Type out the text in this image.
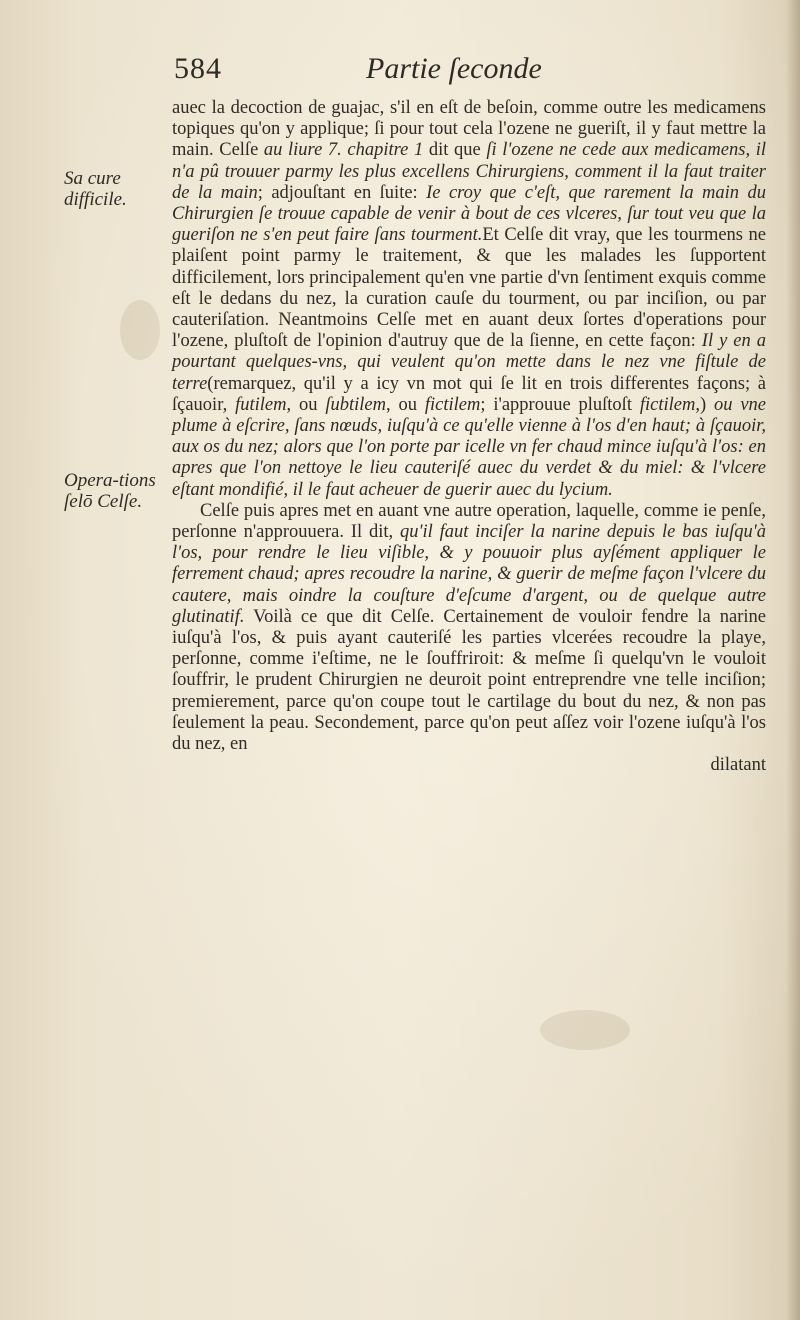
584	Partie ſeconde
Sa cure difficile.
Opera-tions ſelō Celſe.

auec la decoction de guajac, s'il en eſt de beſoin, comme outre les medicamens topiques qu'on y applique; ſi pour tout cela l'ozene ne gueriſt, il y faut mettre la main. Celſe au liure 7. chapitre 1 dit que ſi l'ozene ne cede aux medicamens, il n'a pû trouuer parmy les plus excellens Chirurgiens, comment il la faut traiter de la main; adjouſtant en ſuite: Ie croy que c'eſt, que rarement la main du Chirurgien ſe trouue capable de venir à bout de ces vlceres, ſur tout veu que la gueriſon ne s'en peut faire ſans tourment.Et Celſe dit vray, que les tourmens ne plaiſent point parmy le traitement, & que les malades les ſupportent difficilement, lors principalement qu'en vne partie d'vn ſentiment exquis comme eſt le dedans du nez, la curation cauſe du tourment, ou par inciſion, ou par cauteriſation. Neantmoins Celſe met en auant deux ſortes d'operations pour l'ozene, pluſtoſt de l'opinion d'autruy que de la ſienne, en cette façon: Il y en a pourtant quelques-vns, qui veulent qu'on mette dans le nez vne fiſtule de terre(remarquez, qu'il y a icy vn mot qui ſe lit en trois differentes façons; à ſçauoir, futilem, ou ſubtilem, ou fictilem; i'approuue pluſtoſt fictilem,) ou vne plume à eſcrire, ſans nœuds, iuſqu'à ce qu'elle vienne à l'os d'en haut; à ſçauoir, aux os du nez; alors que l'on porte par icelle vn fer chaud mince iuſqu'à l'os: en apres que l'on nettoye le lieu cauteriſé auec du verdet & du miel: & l'vlcere eſtant mondifié, il le faut acheuer de guerir auec du lycium.

Celſe puis apres met en auant vne autre operation, laquelle, comme ie penſe, perſonne n'approuuera. Il dit, qu'il faut inciſer la narine depuis le bas iuſqu'à l'os, pour rendre le lieu viſible, & y pouuoir plus ayſément appliquer le ferrement chaud; apres recoudre la narine, & guerir de meſme façon l'vlcere du cautere, mais oindre la couſture d'eſcume d'argent, ou de quelque autre glutinatif. Voilà ce que dit Celſe. Certainement de vouloir fendre la narine iuſqu'à l'os, & puis ayant cauteriſé les parties vlcerées recoudre la playe, perſonne, comme i'eſtime, ne le ſouffriroit: & meſme ſi quelqu'vn le vouloit ſouffrir, le prudent Chirurgien ne deuroit point entreprendre vne telle inciſion; premierement, parce qu'on coupe tout le cartilage du bout du nez, & non pas ſeulement la peau. Secondement, parce qu'on peut aſſez voir l'ozene iuſqu'à l'os du nez, en

dilatant
